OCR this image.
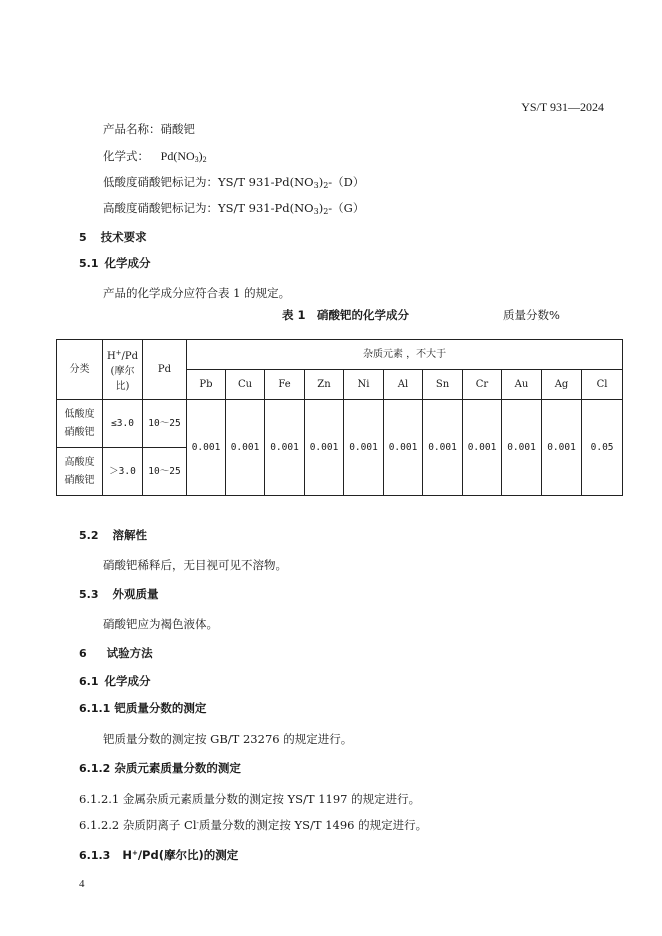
YS/T 931—2024
产品名称：硝酸钯
化学式： $Pd(NO_3)_2$
低酸度硝酸钯标记为：YS/T $931-Pd(NO_3)_2-(D)$
高酸度硝酸钯标记为：YS/T $931-Pd(NO_3)_2-(G)$
5 技术要求
5.1 化学成分
产品的化学成分应符合表 1 的规定。
表 1　硝酸钯的化学成分	质量分数%
分类	H+/Pd
(摩尔
比)	Pd	杂质元素 ，不大于										
			Pb	Cu	Fe	Zn	Ni	Al	Sn	Cr	Au	Ag	Cl
低酸度
硝酸钯	≤3.0	10～25	0.001	0.001	0.001	0.001	0.001	0.001	0.001	0.001	0.001	0.001	0.05
高酸度
硝酸钯	＞3.0	10～25											
5.2 溶解性
硝酸钯稀释后，无目视可见不溶物。
5.3 外观质量
硝酸钯应为褐色液体。
6 试验方法
6.1 化学成分
6.1.1 钯质量分数的测定
钯质量分数的测定按 GB/T 23276 的规定进行。
6.1.2 杂质元素质量分数的测定
6.1.2.1 金属杂质元素质量分数的测定按 YS/T 1197 的规定进行。
6.1.2.2 杂质阴离子 Cl-质量分数的测定按 YS/T 1496 的规定进行。
6.1.3 H+/Pd(摩尔比)的测定
4
